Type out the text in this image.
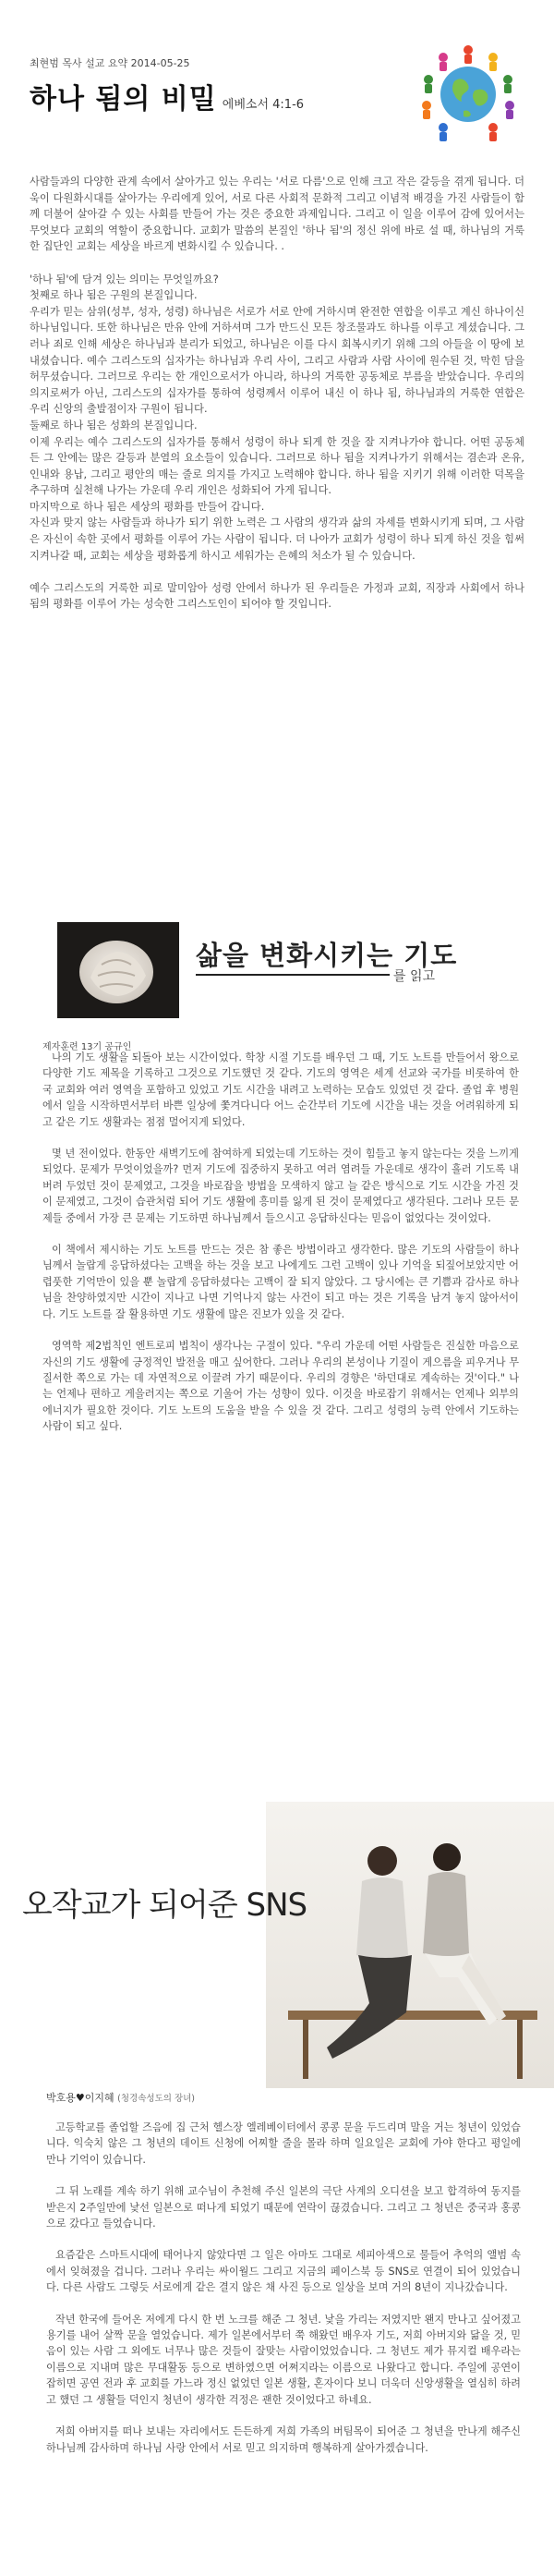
최현범 목사 설교 요약 2014-05-25
하나 됨의 비밀 에베소서 4:1-6

사람들과의 다양한 관계 속에서 살아가고 있는 우리는 '서로 다름'으로 인해 크고 작은 갈등을 겪게 됩니다. 더욱이 다원화시대를 살아가는 우리에게 있어, 서로 다른 사회적 문화적 그리고 이념적 배경을 가진 사람들이 함께 더불어 살아갈 수 있는 사회를 만들어 가는 것은 중요한 과제입니다. 그리고 이 일을 이루어 감에 있어서는 무엇보다 교회의 역할이 중요합니다. 교회가 말씀의 본질인 '하나 됨'의 정신 위에 바로 설 때, 하나님의 거룩한 집단인 교회는 세상을 바르게 변화시킬 수 있습니다. .

'하나 됨'에 담겨 있는 의미는 무엇일까요?

첫째로 하나 됨은 구원의 본질입니다.

우리가 믿는 삼위(성부, 성자, 성령) 하나님은 서로가 서로 안에 거하시며 완전한 연합을 이루고 계신 하나이신 하나님입니다. 또한 하나님은 만유 안에 거하셔며 그가 만드신 모든 창조물과도 하나를 이루고 계셨습니다. 그러나 죄로 인해 세상은 하나님과 분리가 되었고, 하나님은 이를 다시 회복시키기 위해 그의 아들을 이 땅에 보내셨습니다. 예수 그리스도의 십자가는 하나님과 우리 사이, 그리고 사람과 사람 사이에 원수된 것, 막힌 담을 허무셨습니다. 그러므로 우리는 한 개인으로서가 아니라, 하나의 거룩한 공동체로 부름을 받았습니다. 우리의 의지로써가 아닌, 그리스도의 십자가를 통하여 성령께서 이루어 내신 이 하나 됨, 하나님과의 거룩한 연합은 우리 신앙의 출발점이자 구원이 됩니다.

둘째로 하나 됨은 성화의 본질입니다.

이제 우리는 예수 그리스도의 십자가를 통해서 성령이 하나 되게 한 것을 잘 지켜나가야 합니다. 어떤 공동체든 그 안에는 많은 갈등과 분열의 요소들이 있습니다. 그러므로 하나 됨을 지켜나가기 위해서는 겸손과 온유, 인내와 용납, 그리고 평안의 매는 줄로 의지를 가지고 노력해야 합니다. 하나 됨을 지키기 위해 이러한 덕목을 추구하며 실천해 나가는 가운데 우리 개인은 성화되어 가게 됩니다.

마지막으로 하나 됨은 세상의 평화를 만들어 갑니다.

자신과 맞지 않는 사람들과 하나가 되기 위한 노력은 그 사람의 생각과 삶의 자세를 변화시키게 되며, 그 사람은 자신이 속한 곳에서 평화를 이루어 가는 사람이 됩니다. 더 나아가 교회가 성령이 하나 되게 하신 것을 힘써 지켜나갈 때, 교회는 세상을 평화롭게 하시고 세워가는 은혜의 처소가 될 수 있습니다.

예수 그리스도의 거룩한 피로 말미암아 성령 안에서 하나가 된 우리들은 가정과 교회, 직장과 사회에서 하나 됨의 평화를 이루어 가는 성숙한 그리스도인이 되어야 할 것입니다.

삶을 변화시키는 기도
를 읽고
제자훈련 13기 공규인

나의 기도 생활을 되돌아 보는 시간이었다. 학창 시절 기도를 배우던 그 때, 기도 노트를 만들어서 왕으로 다양한 기도 제목을 기록하고 그것으로 기도했던 것 같다. 기도의 영역은 세계 선교와 국가를 비롯하여 한국 교회와 여러 영역을 포함하고 있었고 기도 시간을 내려고 노력하는 모습도 있었던 것 같다. 졸업 후 병원에서 일을 시작하면서부터 바쁜 일상에 쫓겨다니다 어느 순간부터 기도에 시간을 내는 것을 어려워하게 되고 같은 기도 생활과는 점점 멀어지게 되었다.

몇 년 전이었다. 한동안 새벽기도에 참여하게 되었는데 기도하는 것이 힘들고 놓지 않는다는 것을 느끼게 되었다. 문제가 무엇이었을까? 먼저 기도에 집중하지 못하고 여러 염려들 가운데로 생각이 흘러 기도록 내버려 두었던 것이 문제였고, 그것을 바로잡을 방법을 모색하지 않고 늘 같은 방식으로 기도 시간을 가진 것이 문제였고, 그것이 습관처럼 되어 기도 생활에 흥미를 잃게 된 것이 문제였다고 생각된다. 그러나 모든 문제들 중에서 가장 큰 문제는 기도하면 하나님께서 들으시고 응답하신다는 믿음이 없었다는 것이었다.

이 책에서 제시하는 기도 노트를 만드는 것은 참 좋은 방법이라고 생각한다. 많은 기도의 사람들이 하나님께서 놀랍게 응답하셨다는 고백을 하는 것을 보고 나에게도 그런 고백이 있나 기억을 되짚어보았지만 어렵풋한 기억만이 있을 뿐 놀랍게 응답하셨다는 고백이 잘 되지 않았다. 그 당시에는 큰 기쁨과 감사로 하나님을 찬양하였지만 시간이 지나고 나면 기억나지 않는 사건이 되고 마는 것은 기록을 남겨 놓지 않아서이다. 기도 노트를 잘 활용하면 기도 생활에 많은 진보가 있을 것 같다.

영역학 제2법칙인 엔트로피 법칙이 생각나는 구절이 있다. "우리 가운데 어떤 사람들은 진실한 마음으로 자신의 기도 생활에 긍정적인 발전을 매고 싶어한다. 그러나 우리의 본성이나 기질이 게으름을 피우거나 무질서한 쪽으로 가는 데 자연적으로 이끌려 가기 때문이다. 우리의 경향은 '하던대로 계속하는 것'이다." 나는 언제나 편하고 게을러지는 쪽으로 기울어 가는 성향이 있다. 이것을 바로잡기 위해서는 언제나 외부의 에너지가 필요한 것이다. 기도 노트의 도움을 받을 수 있을 것 같다. 그리고 성령의 능력 안에서 기도하는 사람이 되고 싶다.

오작교가 되어준 SNS
박호용♥이지혜 (청경속성도의 장녀)

고등학교를 졸업할 즈음에 집 근처 헬스장 엘레베이터에서 콩콩 문을 두드리며 말을 거는 청년이 있었습니다. 익숙치 않은 그 청년의 데이트 신청에 어찌할 줄을 몰라 하며 일요일은 교회에 가야 한다고 평일에 만나 기억이 있습니다.

그 뒤 노래를 계속 하기 위해 교수님이 추천해 주신 일본의 극단 사계의 오디션을 보고 합격하여 동지를 받은지 2주일만에 낯선 일본으로 떠나게 되었기 때문에 연락이 끊겼습니다. 그리고 그 청년은 중국과 홍콩으로 갔다고 들었습니다.

요즘같은 스마트시대에 태어나지 않았다면 그 일은 아마도 그대로 세피아색으로 물들어 추억의 앨범 속에서 잊혀졌을 겁니다. 그러나 우리는 싸이월드 그리고 지금의 페이스북 등 SNS로 연결이 되어 있었습니다. 다른 사람도 그렇듯 서로에게 같은 결지 않은 채 사진 등으로 일상을 보며 거의 8년이 지나갔습니다.

작년 한국에 들어온 저에게 다시 한 번 노크를 해준 그 청년. 낯을 가리는 저였지만 왠지 만나고 싶어졌고 용기를 내어 살짝 문을 열었습니다. 제가 일본에서부터 쭉 해왔던 배우자 기도, 저희 아버지와 닮을 것, 믿음이 있는 사람 그 외에도 너무나 많은 것들이 잘맞는 사람이었었습니다. 그 청년도 제가 뮤지컬 배우라는 이름으로 지내며 많은 무대활동 등으로 변하였으면 어쩌지라는 이름으로 나왔다고 합니다. 주일에 공연이 잡히면 공연 전과 후 교회를 가느라 정신 없었던 일본 생활, 혼자이다 보니 더욱더 신앙생활을 열심히 하려고 했던 그 생활들 덕인지 청년이 생각한 걱정은 괜한 것이었다고 하네요.

저희 아버지를 떠나 보내는 자리에서도 든든하게 저희 가족의 버팀목이 되어준 그 청년을 만나게 해주신 하나님께 감사하며 하나님 사랑 안에서 서로 믿고 의지하며 행복하게 살아가겠습니다.
